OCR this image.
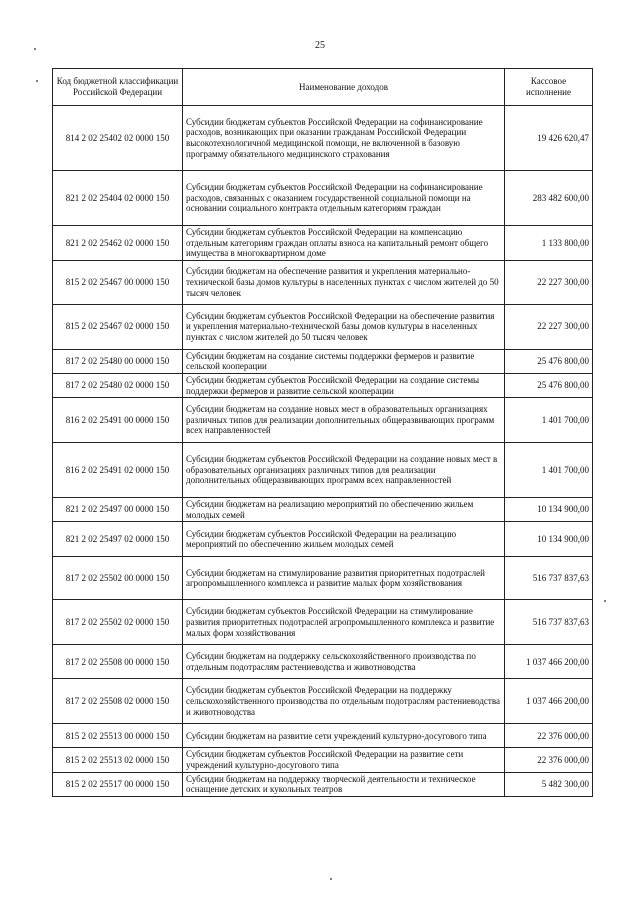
25
Код бюджетной классификации Российской Федерации	Наименование доходов	Кассовое исполнение
814 2 02 25402 02 0000 150	Субсидии бюджетам субъектов Российской Федерации на софинансирование расходов, возникающих при оказании гражданам Российской Федерации высокотехнологичной медицинской помощи, не включенной в базовую программу обязательного медицинского страхования	19 426 620,47
821 2 02 25404 02 0000 150	Субсидии бюджетам субъектов Российской Федерации на софинансирование расходов, связанных с оказанием государственной социальной помощи на основании социального контракта отдельным категориям граждан	283 482 600,00
821 2 02 25462 02 0000 150	Субсидии бюджетам субъектов Российской Федерации на компенсацию отдельным категориям граждан оплаты взноса на капитальный ремонт общего имущества в многоквартирном доме	1 133 800,00
815 2 02 25467 00 0000 150	Субсидии бюджетам на обеспечение развития и укрепления материально-технической базы домов культуры в населенных пунктах с числом жителей до 50 тысяч человек	22 227 300,00
815 2 02 25467 02 0000 150	Субсидии бюджетам субъектов Российской Федерации на обеспечение развития и укрепления материально-технической базы домов культуры в населенных пунктах с числом жителей до 50 тысяч человек	22 227 300,00
817 2 02 25480 00 0000 150	Субсидии бюджетам на создание системы поддержки фермеров и развитие сельской кооперации	25 476 800,00
817 2 02 25480 02 0000 150	Субсидии бюджетам субъектов Российской Федерации на создание системы поддержки фермеров и развитие сельской кооперации	25 476 800,00
816 2 02 25491 00 0000 150	Субсидии бюджетам на создание новых мест в образовательных организациях различных типов для реализации дополнительных общеразвивающих программ всех направленностей	1 401 700,00
816 2 02 25491 02 0000 150	Субсидии бюджетам субъектов Российской Федерации на создание новых мест в образовательных организациях различных типов для реализации дополнительных общеразвивающих программ всех направленностей	1 401 700,00
821 2 02 25497 00 0000 150	Субсидии бюджетам на реализацию мероприятий по обеспечению жильем молодых семей	10 134 900,00
821 2 02 25497 02 0000 150	Субсидии бюджетам субъектов Российской Федерации на реализацию мероприятий по обеспечению жильем молодых семей	10 134 900,00
817 2 02 25502 00 0000 150	Субсидии бюджетам на стимулирование развития приоритетных подотраслей агропромышленного комплекса и развитие малых форм хозяйствования	516 737 837,63
817 2 02 25502 02 0000 150	Субсидии бюджетам субъектов Российской Федерации на стимулирование развития приоритетных подотраслей агропромышленного комплекса и развитие малых форм хозяйствования	516 737 837,63
817 2 02 25508 00 0000 150	Субсидии бюджетам на поддержку сельскохозяйственного производства по отдельным подотраслям растениеводства и животноводства	1 037 466 200,00
817 2 02 25508 02 0000 150	Субсидии бюджетам субъектов Российской Федерации на поддержку сельскохозяйственного производства по отдельным подотраслям растениеводства и животноводства	1 037 466 200,00
815 2 02 25513 00 0000 150	Субсидии бюджетам на развитие сети учреждений культурно-досугового типа	22 376 000,00
815 2 02 25513 02 0000 150	Субсидии бюджетам субъектов Российской Федерации на развитие сети учреждений культурно-досугового типа	22 376 000,00
815 2 02 25517 00 0000 150	Субсидии бюджетам на поддержку творческой деятельности и техническое оснащение детских и кукольных театров	5 482 300,00
